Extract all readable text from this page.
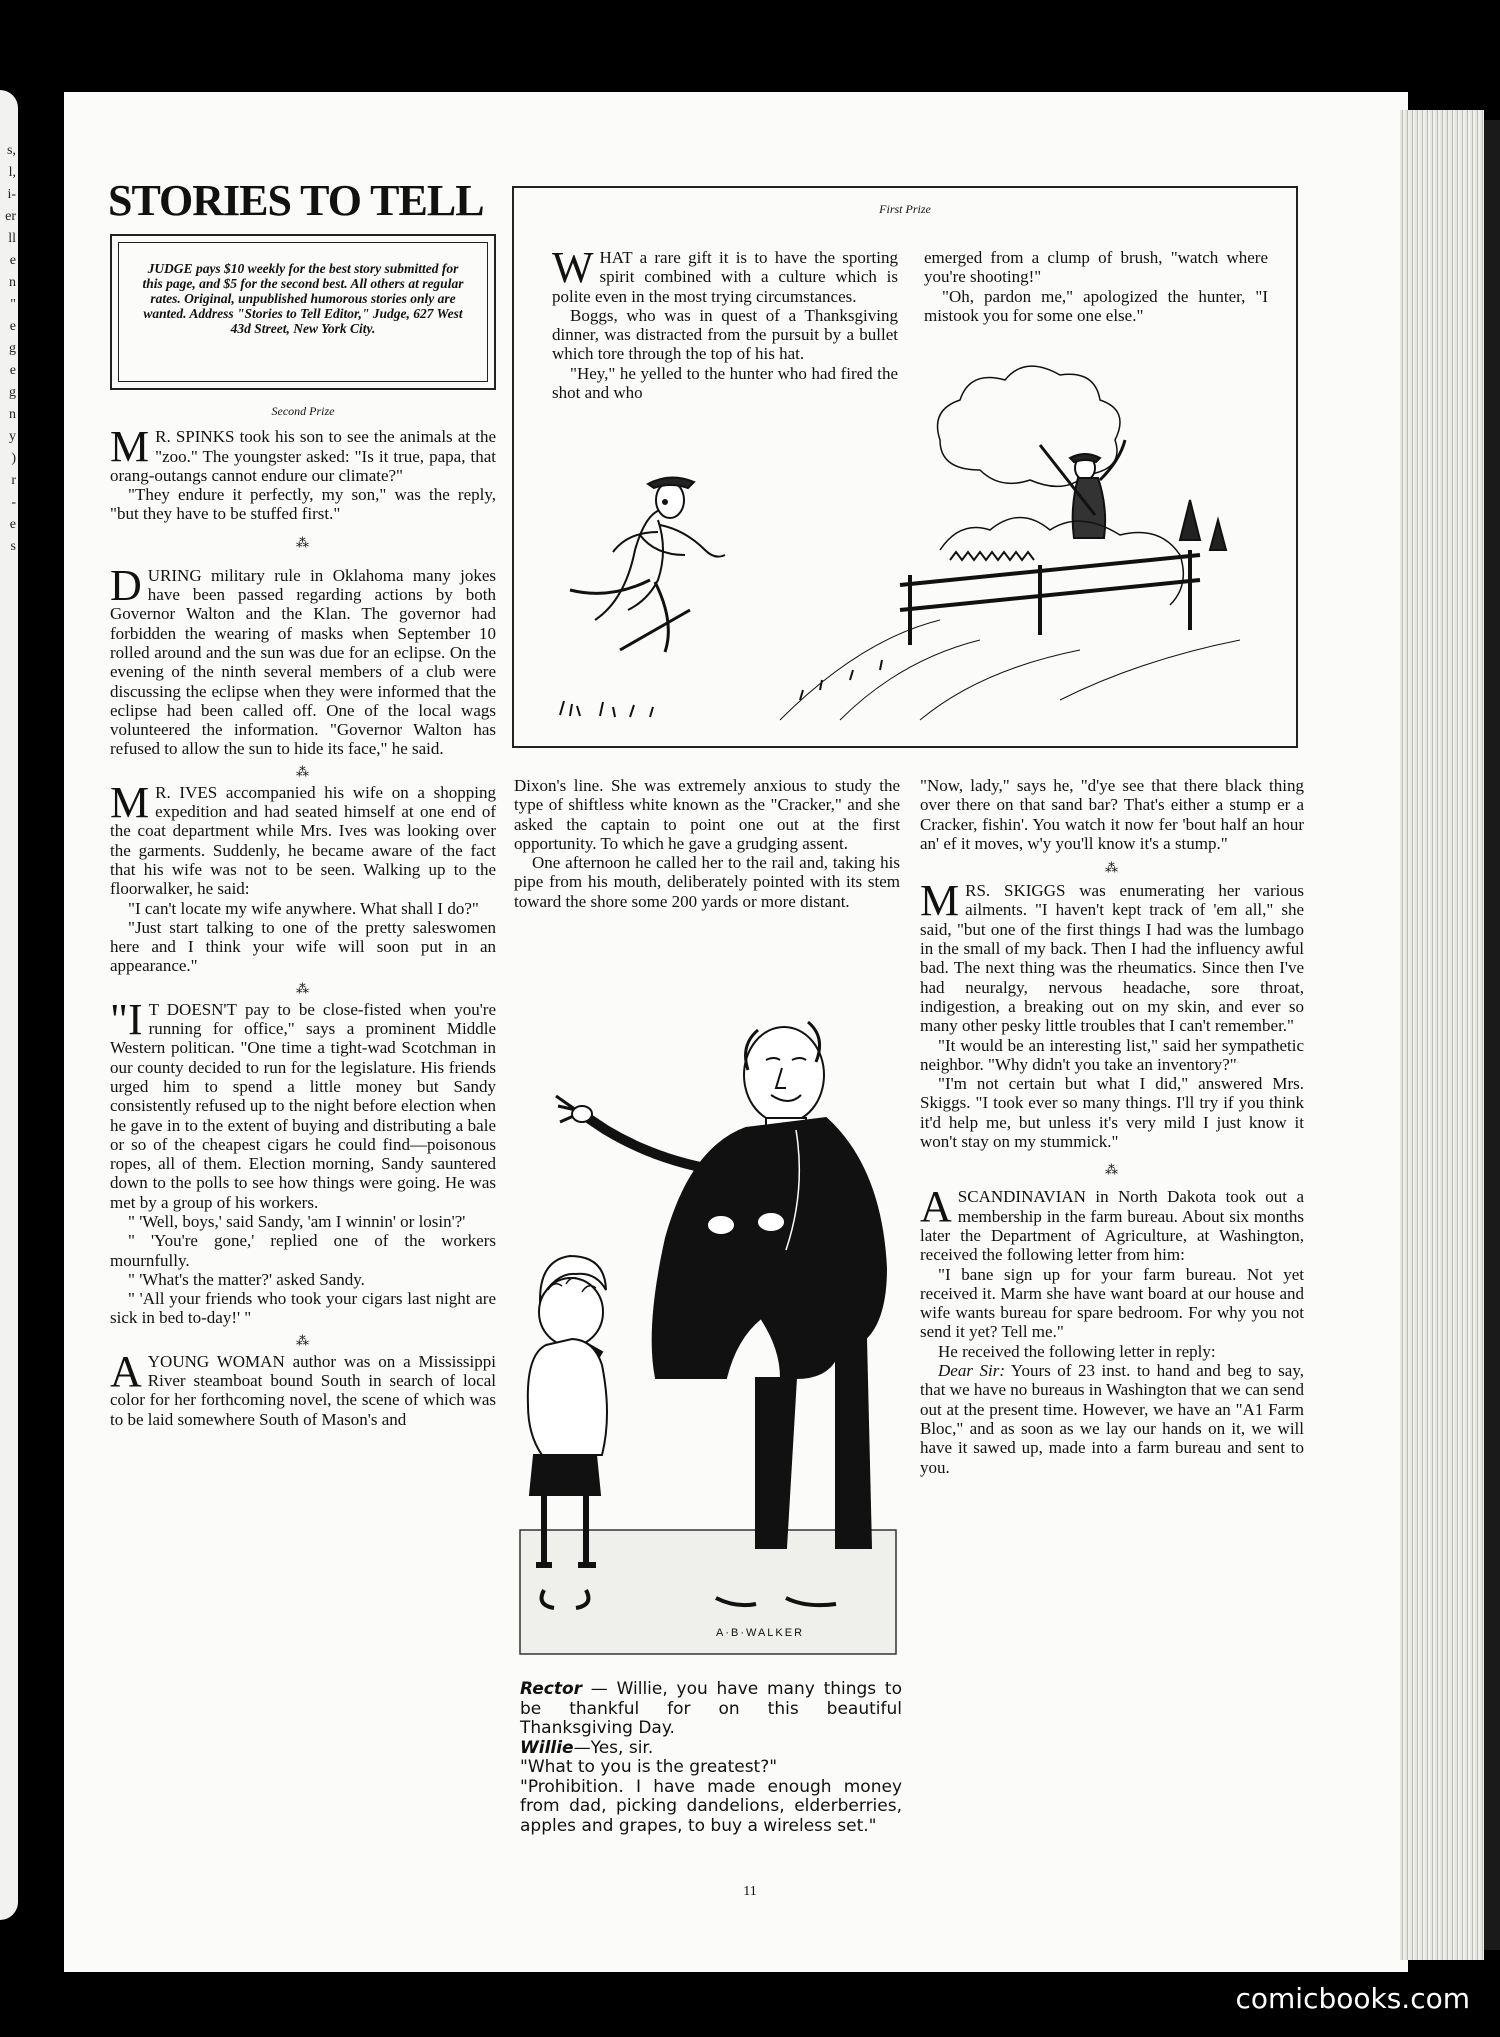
s,
l,
i-
er
ll
e
n
"
e
g
e
g
n
y
)
r
-
e
s
STORIES TO TELL
JUDGE pays $10 weekly for the best story submitted for this page, and $5 for the second best. All others at regular rates. Original, unpublished humorous stories only are wanted. Address "Stories to Tell Editor," Judge, 627 West 43d Street, New York City.
Second Prize

M R. SPINKS took his son to see the animals at the "zoo." The youngster asked: "Is it true, papa, that orang-outangs cannot endure our climate?"

"They endure it perfectly, my son," was the reply, "but they have to be stuffed first."

⁂

DURING military rule in Oklahoma many jokes have been passed regarding actions by both Governor Walton and the Klan. The governor had forbidden the wearing of masks when September 10 rolled around and the sun was due for an eclipse. On the evening of the ninth several members of a club were discussing the eclipse when they were informed that the eclipse had been called off. One of the local wags volunteered the information. "Governor Walton has refused to allow the sun to hide its face," he said.

⁂

M R. IVES accompanied his wife on a shopping expedition and had seated himself at one end of the coat department while Mrs. Ives was looking over the garments. Suddenly, he became aware of the fact that his wife was not to be seen. Walking up to the floorwalker, he said:

"I can't locate my wife anywhere. What shall I do?"

"Just start talking to one of the pretty saleswomen here and I think your wife will soon put in an appearance."

⁂

"I T DOESN'T pay to be close-fisted when you're running for office," says a prominent Middle Western politican. "One time a tight-wad Scotchman in our county decided to run for the legislature. His friends urged him to spend a little money but Sandy consistently refused up to the night before election when he gave in to the extent of buying and distributing a bale or so of the cheapest cigars he could find—poisonous ropes, all of them. Election morning, Sandy sauntered down to the polls to see how things were going. He was met by a group of his workers.

" 'Well, boys,' said Sandy, 'am I winnin' or losin'?'

" 'You're gone,' replied one of the workers mournfully.

" 'What's the matter?' asked Sandy.

" 'All your friends who took your cigars last night are sick in bed to-day!' "

⁂

AYOUNG WOMAN author was on a Mississippi River steamboat bound South in search of local color for her forthcoming novel, the scene of which was to be laid somewhere South of Mason's and

First Prize

WHAT a rare gift it is to have the sporting spirit combined with a culture which is polite even in the most trying circumstances.

Boggs, who was in quest of a Thanksgiving dinner, was distracted from the pursuit by a bullet which tore through the top of his hat.

"Hey," he yelled to the hunter who had fired the shot and who

emerged from a clump of brush, "watch where you're shooting!"

"Oh, pardon me," apologized the hunter, "I mistook you for some one else."

Dixon's line. She was extremely anxious to study the type of shiftless white known as the "Cracker," and she asked the captain to point one out at the first opportunity. To which he gave a grudging assent.

One afternoon he called her to the rail and, taking his pipe from his mouth, deliberately pointed with its stem toward the shore some 200 yards or more distant.

A·B·WALKER

Rector — Willie, you have many things to be thankful for on this beautiful Thanksgiving Day.

Willie—Yes, sir.

"What to you is the greatest?"

"Prohibition. I have made enough money from dad, picking dandelions, elderberries, apples and grapes, to buy a wireless set."

"Now, lady," says he, "d'ye see that there black thing over there on that sand bar? That's either a stump er a Cracker, fishin'. You watch it now fer 'bout half an hour an' ef it moves, w'y you'll know it's a stump."

⁂

MRS. SKIGGS was enumerating her various ailments. "I haven't kept track of 'em all," she said, "but one of the first things I had was the lumbago in the small of my back. Then I had the influency awful bad. The next thing was the rheumatics. Since then I've had neuralgy, nervous headache, sore throat, indigestion, a breaking out on my skin, and ever so many other pesky little troubles that I can't remember."

"It would be an interesting list," said her sympathetic neighbor. "Why didn't you take an inventory?"

"I'm not certain but what I did," answered Mrs. Skiggs. "I took ever so many things. I'll try if you think it'd help me, but unless it's very mild I just know it won't stay on my stummick."

⁂

ASCANDINAVIAN in North Dakota took out a membership in the farm bureau. About six months later the Department of Agriculture, at Washington, received the following letter from him:

"I bane sign up for your farm bureau. Not yet received it. Marm she have want board at our house and wife wants bureau for spare bedroom. For why you not send it yet? Tell me."

He received the following letter in reply:

Dear Sir: Yours of 23 inst. to hand and beg to say, that we have no bureaus in Washington that we can send out at the present time. However, we have an "A1 Farm Bloc," and as soon as we lay our hands on it, we will have it sawed up, made into a farm bureau and sent to you.

11
comicbooks.com
